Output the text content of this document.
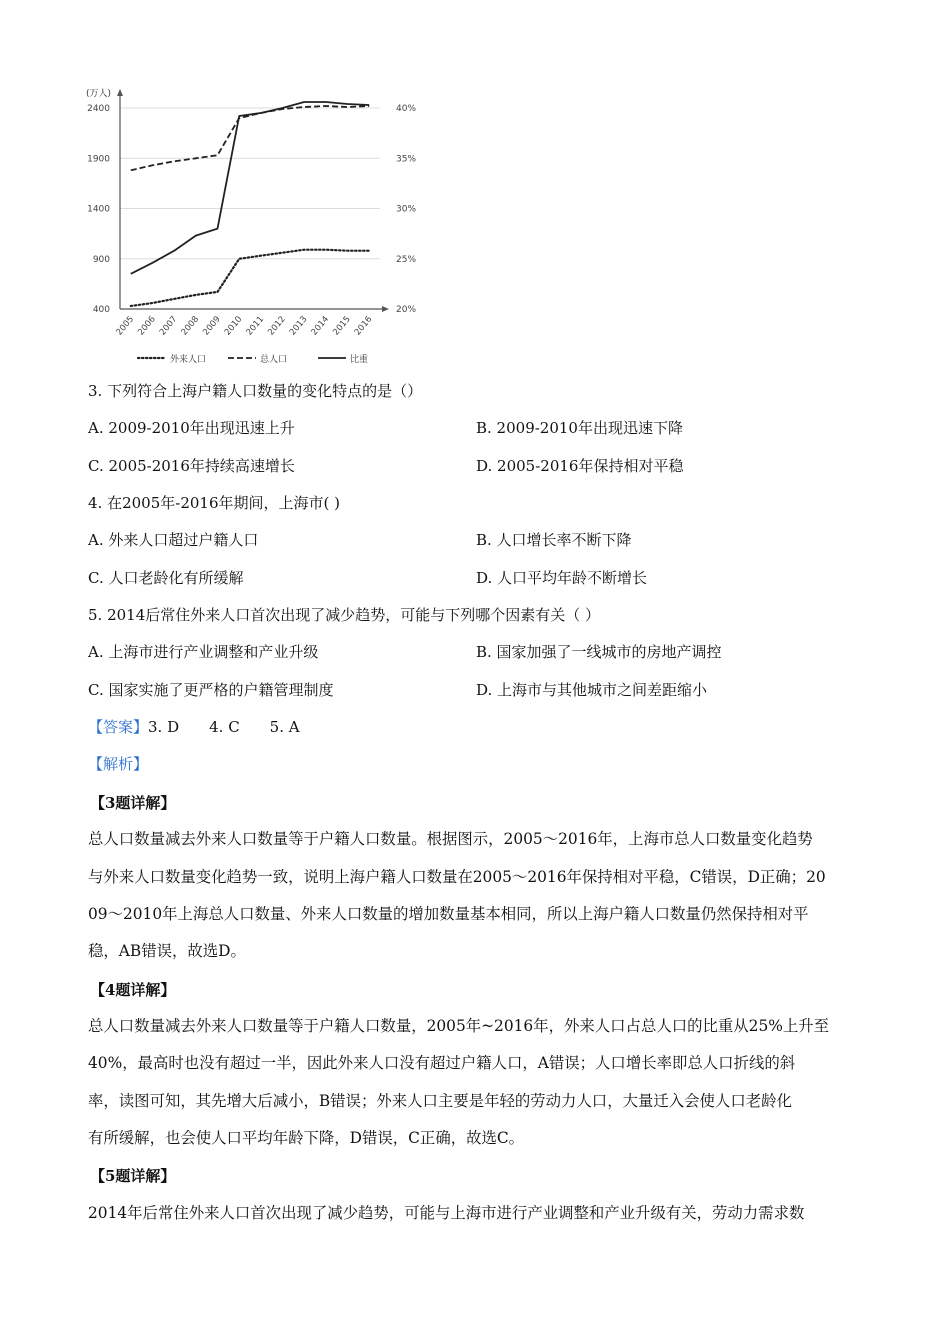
(万人)
400
900
1400
1900
2400
20%
25%
30%
35%
40%
2005 2006 2007 2008 2009 2010 2011 2012 2013 2014 2015 2016
外来人口	总人口	比重
3. 下列符合上海户籍人口数量的变化特点的是（）
A. 2009-2010年出现迅速上升	B. 2009-2010年出现迅速下降
C. 2005-2016年持续高速增长	D. 2005-2016年保持相对平稳
4. 在2005年-2016年期间，上海市( )
A. 外来人口超过户籍人口	B. 人口增长率不断下降
C. 人口老龄化有所缓解	D. 人口平均年龄不断增长
5. 2014后常住外来人口首次出现了减少趋势，可能与下列哪个因素有关（ ）
A. 上海市进行产业调整和产业升级	B. 国家加强了一线城市的房地产调控
C. 国家实施了更严格的户籍管理制度	D. 上海市与其他城市之间差距缩小
【答案】3. D　　4. C　　5. A
【解析】
【3题详解】
总人口数量减去外来人口数量等于户籍人口数量。根据图示，2005～2016年，上海市总人口数量变化趋势
与外来人口数量变化趋势一致，说明上海户籍人口数量在2005～2016年保持相对平稳，C错误，D正确；20
09～2010年上海总人口数量、外来人口数量的增加数量基本相同，所以上海户籍人口数量仍然保持相对平
稳，AB错误，故选D。
【4题详解】
总人口数量减去外来人口数量等于户籍人口数量，2005年~2016年，外来人口占总人口的比重从25%上升至
40%，最高时也没有超过一半，因此外来人口没有超过户籍人口，A错误；人口增长率即总人口折线的斜
率，读图可知，其先增大后减小，B错误；外来人口主要是年轻的劳动力人口，大量迁入会使人口老龄化
有所缓解，也会使人口平均年龄下降，D错误，C正确，故选C。
【5题详解】
2014年后常住外来人口首次出现了减少趋势，可能与上海市进行产业调整和产业升级有关，劳动力需求数
